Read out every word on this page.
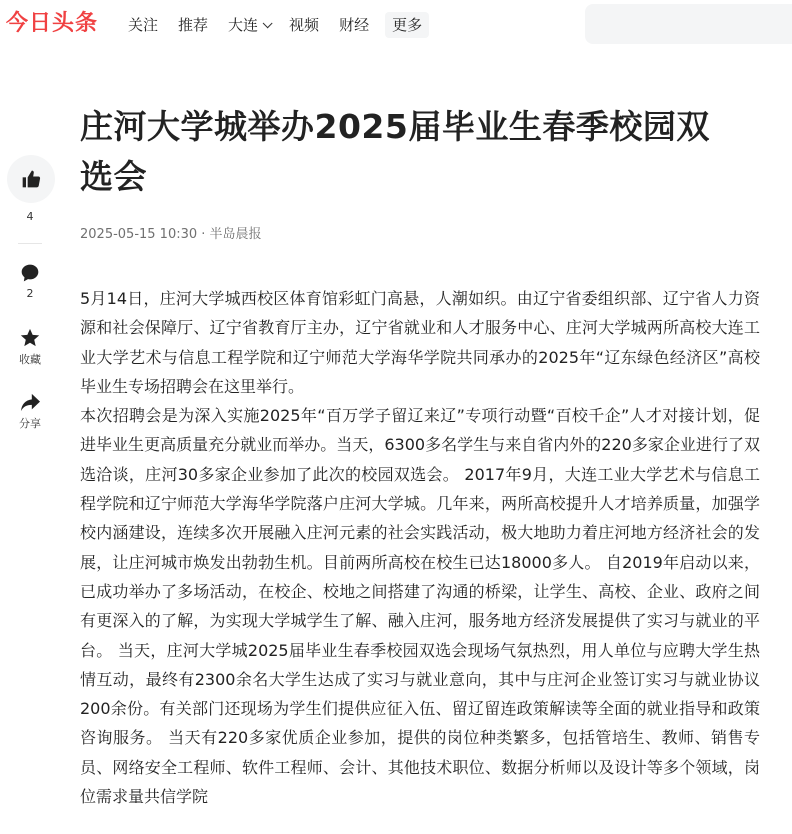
今日头条 关注 推荐 大连 视频 财经 更多
4
2
收藏
分享
庄河大学城举办2025届毕业生春季校园双选会
2025-05-15 10:30 · 半岛晨报

5月14日，庄河大学城西校区体育馆彩虹门高悬，人潮如织。由辽宁省委组织部、辽宁省人力资源和社会保障厅、辽宁省教育厅主办，辽宁省就业和人才服务中心、庄河大学城两所高校大连工业大学艺术与信息工程学院和辽宁师范大学海华学院共同承办的2025年“辽东绿色经济区”高校毕业生专场招聘会在这里举行。

本次招聘会是为深入实施2025年“百万学子留辽来辽”专项行动暨“百校千企”人才对接计划，促进毕业生更高质量充分就业而举办。当天，6300多名学生与来自省内外的220多家企业进行了双选洽谈，庄河30多家企业参加了此次的校园双选会。 2017年9月，大连工业大学艺术与信息工程学院和辽宁师范大学海华学院落户庄河大学城。几年来，两所高校提升人才培养质量，加强学校内涵建设，连续多次开展融入庄河元素的社会实践活动，极大地助力着庄河地方经济社会的发展，让庄河城市焕发出勃勃生机。目前两所高校在校生已达18000多人。 自2019年启动以来，已成功举办了多场活动，在校企、校地之间搭建了沟通的桥梁，让学生、高校、企业、政府之间有更深入的了解，为实现大学城学生了解、融入庄河，服务地方经济发展提供了实习与就业的平台。 当天，庄河大学城2025届毕业生春季校园双选会现场气氛热烈，用人单位与应聘大学生热情互动，最终有2300余名大学生达成了实习与就业意向，其中与庄河企业签订实习与就业协议200余份。有关部门还现场为学生们提供应征入伍、留辽留连政策解读等全面的就业指导和政策咨询服务。 当天有220多家优质企业参加，提供的岗位种类繁多，包括管培生、教师、销售专员、网络安全工程师、软件工程师、会计、其他技术职位、数据分析师以及设计等多个领域，岗位需求量共信学院
